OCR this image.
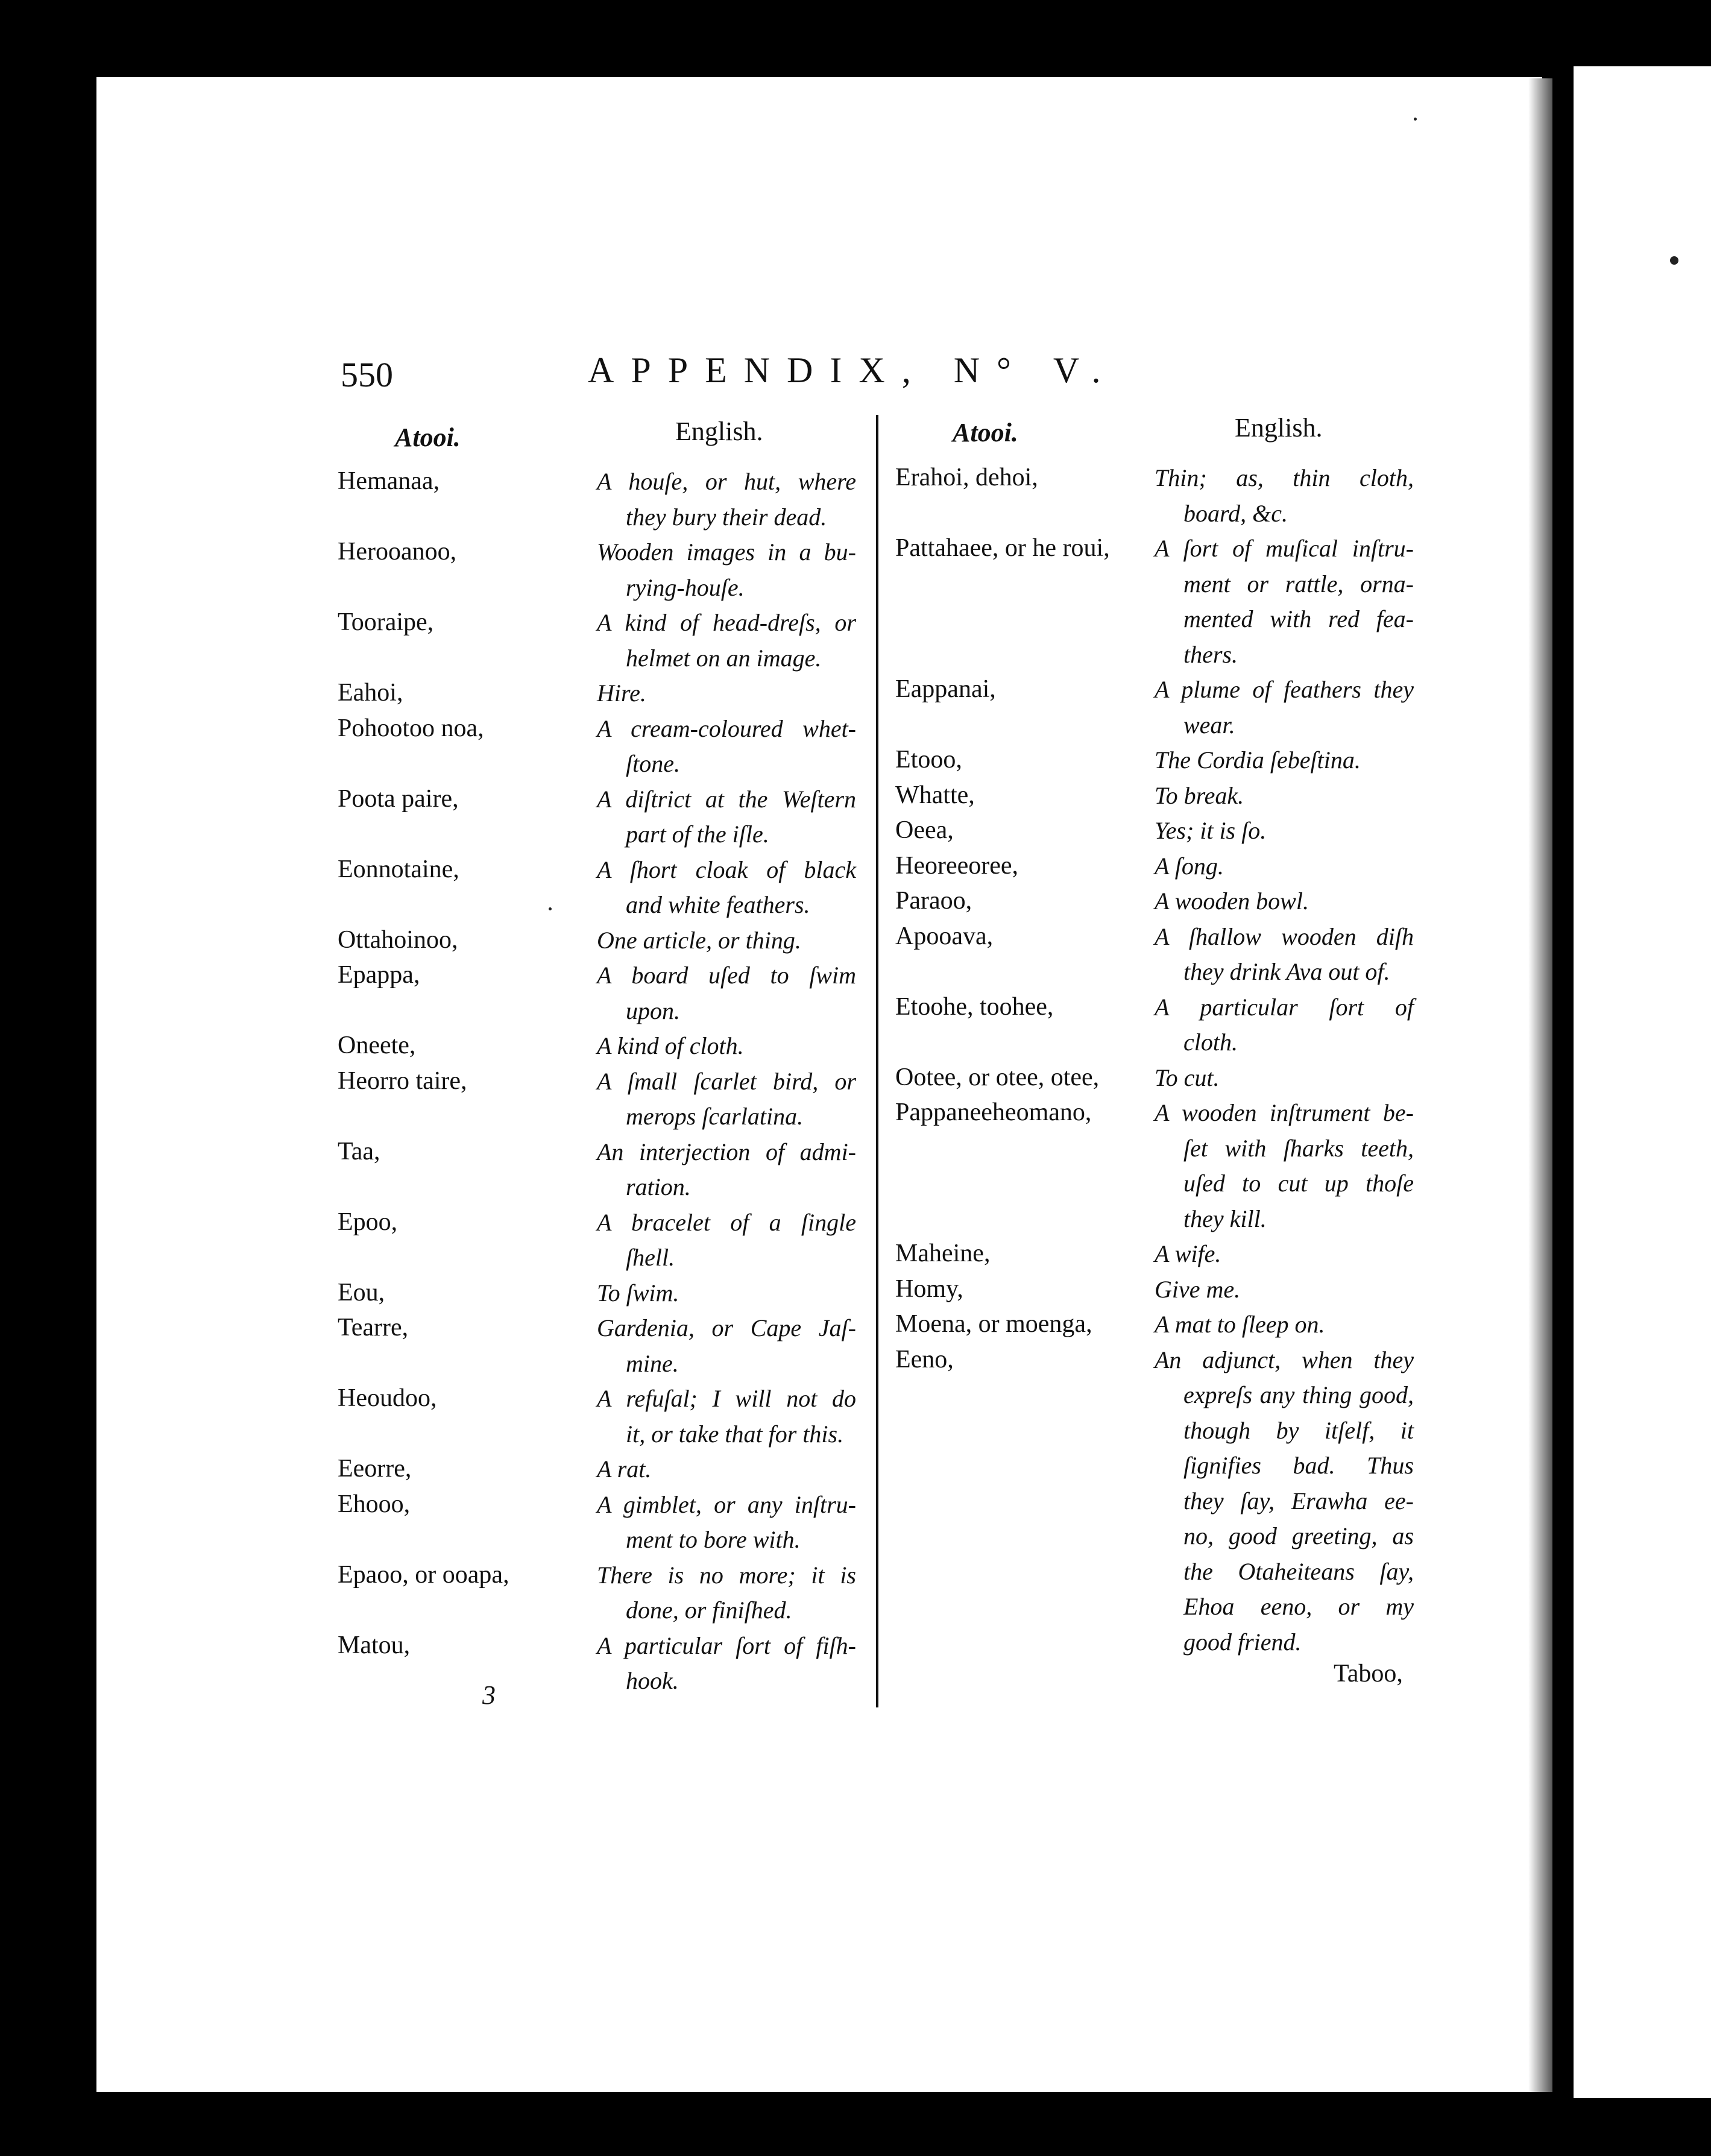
550	APPENDIX, N° V.
Atooi.	English.	Atooi.	English.
Hemanaa,	A houſe, or hut, where
they bury their dead.
Herooanoo,	Wooden images in a bu-
rying-houſe.
Tooraipe,	A kind of head-dreſs, or
helmet on an image.
Eahoi,	Hire.
Pohootoo noa,	A cream-coloured whet-
ſtone.
Poota paire,	A diſtrict at the Weſtern
part of the iſle.
Eonnotaine,	A ſhort cloak of black
and white feathers.
Ottahoinoo,	One article, or thing.
Epappa,	A board uſed to ſwim
upon.
Oneete,	A kind of cloth.
Heorro taire,	A ſmall ſcarlet bird, or
merops ſcarlatina.
Taa,	An interjection of admi-
ration.
Epoo,	A bracelet of a ſingle
ſhell.
Eou,	To ſwim.
Tearre,	Gardenia, or Cape Jaſ-
mine.
Heoudoo,	A refuſal; I will not do
it, or take that for this.
Eeorre,	A rat.
Ehooo,	A gimblet, or any inſtru-
ment to bore with.
Epaoo, or ooapa,	There is no more; it is
done, or finiſhed.
Matou,	A particular ſort of fiſh-
hook.
Erahoi, dehoi,	Thin; as, thin cloth,
board, &c.
Pattahaee, or he roui, A ſort of muſical inſtru-
ment or rattle, orna-
mented with red fea-
thers.
Eappanai,	A plume of feathers they
wear.
Etooo,	The Cordia ſebeſtina.
Whatte,	To break.
Oeea,	Yes; it is ſo.
Heoreeoree,	A ſong.
Paraoo,	A wooden bowl.
Apooava,	A ſhallow wooden diſh
they drink Ava out of.
Etoohe, toohee,	A particular ſort of
cloth.
Ootee, or otee, otee, To cut.
Pappaneeheomano,	A wooden inſtrument be-
ſet with ſharks teeth,
uſed to cut up thoſe
they kill.
Maheine,	A wife.
Homy,	Give me.
Moena, or moenga,	A mat to ſleep on.
Eeno,	An adjunct, when they
expreſs any thing good,
though by itſelf, it
ſignifies bad. Thus
they ſay, Erawha ee-
no, good greeting, as
the Otaheiteans ſay,
Ehoa eeno, or my
good friend.
3
Taboo,
